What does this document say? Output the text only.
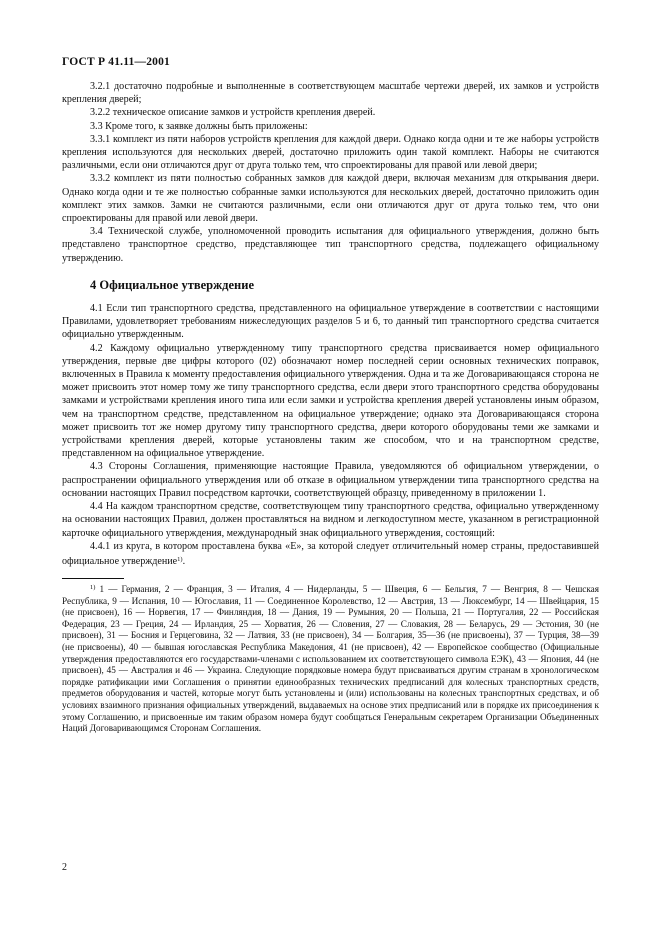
ГОСТ Р 41.11—2001

3.2.1 достаточно подробные и выполненные в соответствующем масштабе чертежи дверей, их замков и устройств крепления дверей;

3.2.2 техническое описание замков и устройств крепления дверей.

3.3 Кроме того, к заявке должны быть приложены:

3.3.1 комплект из пяти наборов устройств крепления для каждой двери. Однако когда одни и те же наборы устройств крепления используются для нескольких дверей, достаточно приложить один такой комплект. Наборы не считаются различными, если они отличаются друг от друга только тем, что спроектированы для правой или левой двери;

3.3.2 комплект из пяти полностью собранных замков для каждой двери, включая механизм для открывания двери. Однако когда одни и те же полностью собранные замки используются для нескольких дверей, достаточно приложить один комплект этих замков. Замки не считаются различными, если они отличаются друг от друга только тем, что они спроектированы для правой или левой двери.

3.4 Технической службе, уполномоченной проводить испытания для официального утверждения, должно быть представлено транспортное средство, представляющее тип транспортного средства, подлежащего официальному утверждению.

4 Официальное утверждение

4.1 Если тип транспортного средства, представленного на официальное утверждение в соответствии с настоящими Правилами, удовлетворяет требованиям нижеследующих разделов 5 и 6, то данный тип транспортного средства считается официально утвержденным.

4.2 Каждому официально утвержденному типу транспортного средства присваивается номер официального утверждения, первые две цифры которого (02) обозначают номер последней серии основных технических поправок, включенных в Правила к моменту предоставления официального утверждения. Одна и та же Договаривающаяся сторона не может присвоить этот номер тому же типу транспортного средства, если двери этого транспортного средства оборудованы замками и устройствами крепления иного типа или если замки и устройства крепления дверей установлены иным образом, чем на транспортном средстве, представленном на официальное утверждение; однако эта Договаривающаяся сторона может присвоить тот же номер другому типу транспортного средства, двери которого оборудованы теми же замками и устройствами крепления дверей, которые установлены таким же способом, что и на транспортном средстве, представленном на официальное утверждение.

4.3 Стороны Соглашения, применяющие настоящие Правила, уведомляются об официальном утверждении, о распространении официального утверждения или об отказе в официальном утверждении типа транспортного средства на основании настоящих Правил посредством карточки, соответствующей образцу, приведенному в приложении 1.

4.4 На каждом транспортном средстве, соответствующем типу транспортного средства, официально утвержденному на основании настоящих Правил, должен проставляться на видном и легкодоступном месте, указанном в регистрационной карточке официального утверждения, международный знак официального утверждения, состоящий:

4.4.1 из круга, в котором проставлена буква «Е», за которой следует отличительный номер страны, предоставившей официальное утверждение$^{1)}$.

$^{1)}$ 1 — Германия, 2 — Франция, 3 — Италия, 4 — Нидерланды, 5 — Швеция, 6 — Бельгия, 7 — Венгрия, 8 — Чешская Республика, 9 — Испания, 10 — Югославия, 11 — Соединенное Королевство, 12 — Австрия, 13 — Люксембург, 14 — Швейцария, 15 (не присвоен), 16 — Норвегия, 17 — Финляндия, 18 — Дания, 19 — Румыния, 20 — Польша, 21 — Португалия, 22 — Российская Федерация, 23 — Греция, 24 — Ирландия, 25 — Хорватия, 26 — Словения, 27 — Словакия, 28 — Беларусь, 29 — Эстония, 30 (не присвоен), 31 — Босния и Герцеговина, 32 — Латвия, 33 (не присвоен), 34 — Болгария, 35—36 (не присвоены), 37 — Турция, 38—39 (не присвоены), 40 — бывшая югославская Республика Македония, 41 (не присвоен), 42 — Европейское сообщество (Официальные утверждения предоставляются его государствами-членами с использованием их соответствующего символа ЕЭК), 43 — Япония, 44 (не присвоен), 45 — Австралия и 46 — Украина. Следующие порядковые номера будут присваиваться другим странам в хронологическом порядке ратификации ими Соглашения о принятии единообразных технических предписаний для колесных транспортных средств, предметов оборудования и частей, которые могут быть установлены и (или) использованы на колесных транспортных средствах, и об условиях взаимного признания официальных утверждений, выдаваемых на основе этих предписаний или в порядке их присоединения к этому Соглашению, и присвоенные им таким образом номера будут сообщаться Генеральным секретарем Организации Объединенных Наций Договаривающимся Сторонам Соглашения.

2
